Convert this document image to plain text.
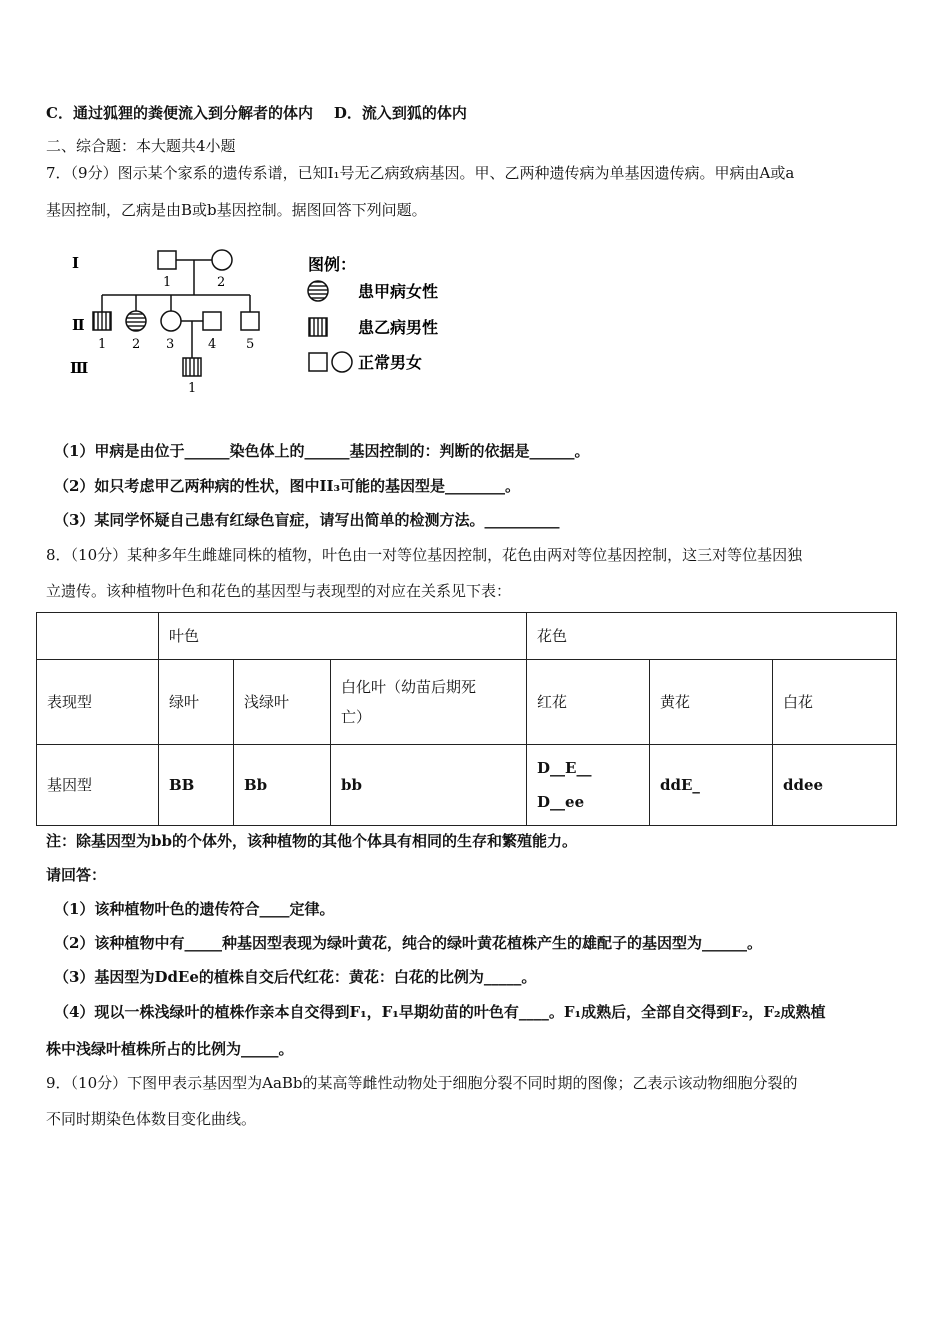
C．通过狐狸的粪便流入到分解者的体内 D．流入到狐的体内
二、综合题：本大题共4小题
7．（9分）图示某个家系的遗传系谱，已知Ⅰ₁号无乙病致病基因。甲、乙两种遗传病为单基因遗传病。甲病由A或a
基因控制，乙病是由B或b基因控制。据图回答下列问题。
Ⅰ
Ⅱ
Ⅲ
1	2
1 2 3	4 5
1
图例：
患甲病女性
患乙病男性
正常男女
（1）甲病是由位于______染色体上的______基因控制的：判断的依据是______。
（2）如只考虑甲乙两种病的性状，图中II₃可能的基因型是________。
（3）某同学怀疑自己患有红绿色盲症，请写出简单的检测方法。__________
8．（10分）某种多年生雌雄同株的植物，叶色由一对等位基因控制，花色由两对等位基因控制，这三对等位基因独
立遗传。该种植物叶色和花色的基因型与表现型的对应在关系见下表：
	叶色			花色		
表现型	绿叶	浅绿叶	白化叶（幼苗后期死
亡）	红花	黄花	白花
基因型	BB	Bb	bb	D__E__
D__ee	ddE_	ddee
注：除基因型为bb的个体外，该种植物的其他个体具有相同的生存和繁殖能力。
请回答：
（1）该种植物叶色的遗传符合____定律。
（2）该种植物中有_____种基因型表现为绿叶黄花，纯合的绿叶黄花植株产生的雄配子的基因型为______。
（3）基因型为DdEe的植株自交后代红花：黄花：白花的比例为_____。
（4）现以一株浅绿叶的植株作亲本自交得到F₁，F₁早期幼苗的叶色有____。F₁成熟后，全部自交得到F₂，F₂成熟植
株中浅绿叶植株所占的比例为_____。
9．（10分）下图甲表示基因型为AaBb的某高等雌性动物处于细胞分裂不同时期的图像；乙表示该动物细胞分裂的
不同时期染色体数目变化曲线。
